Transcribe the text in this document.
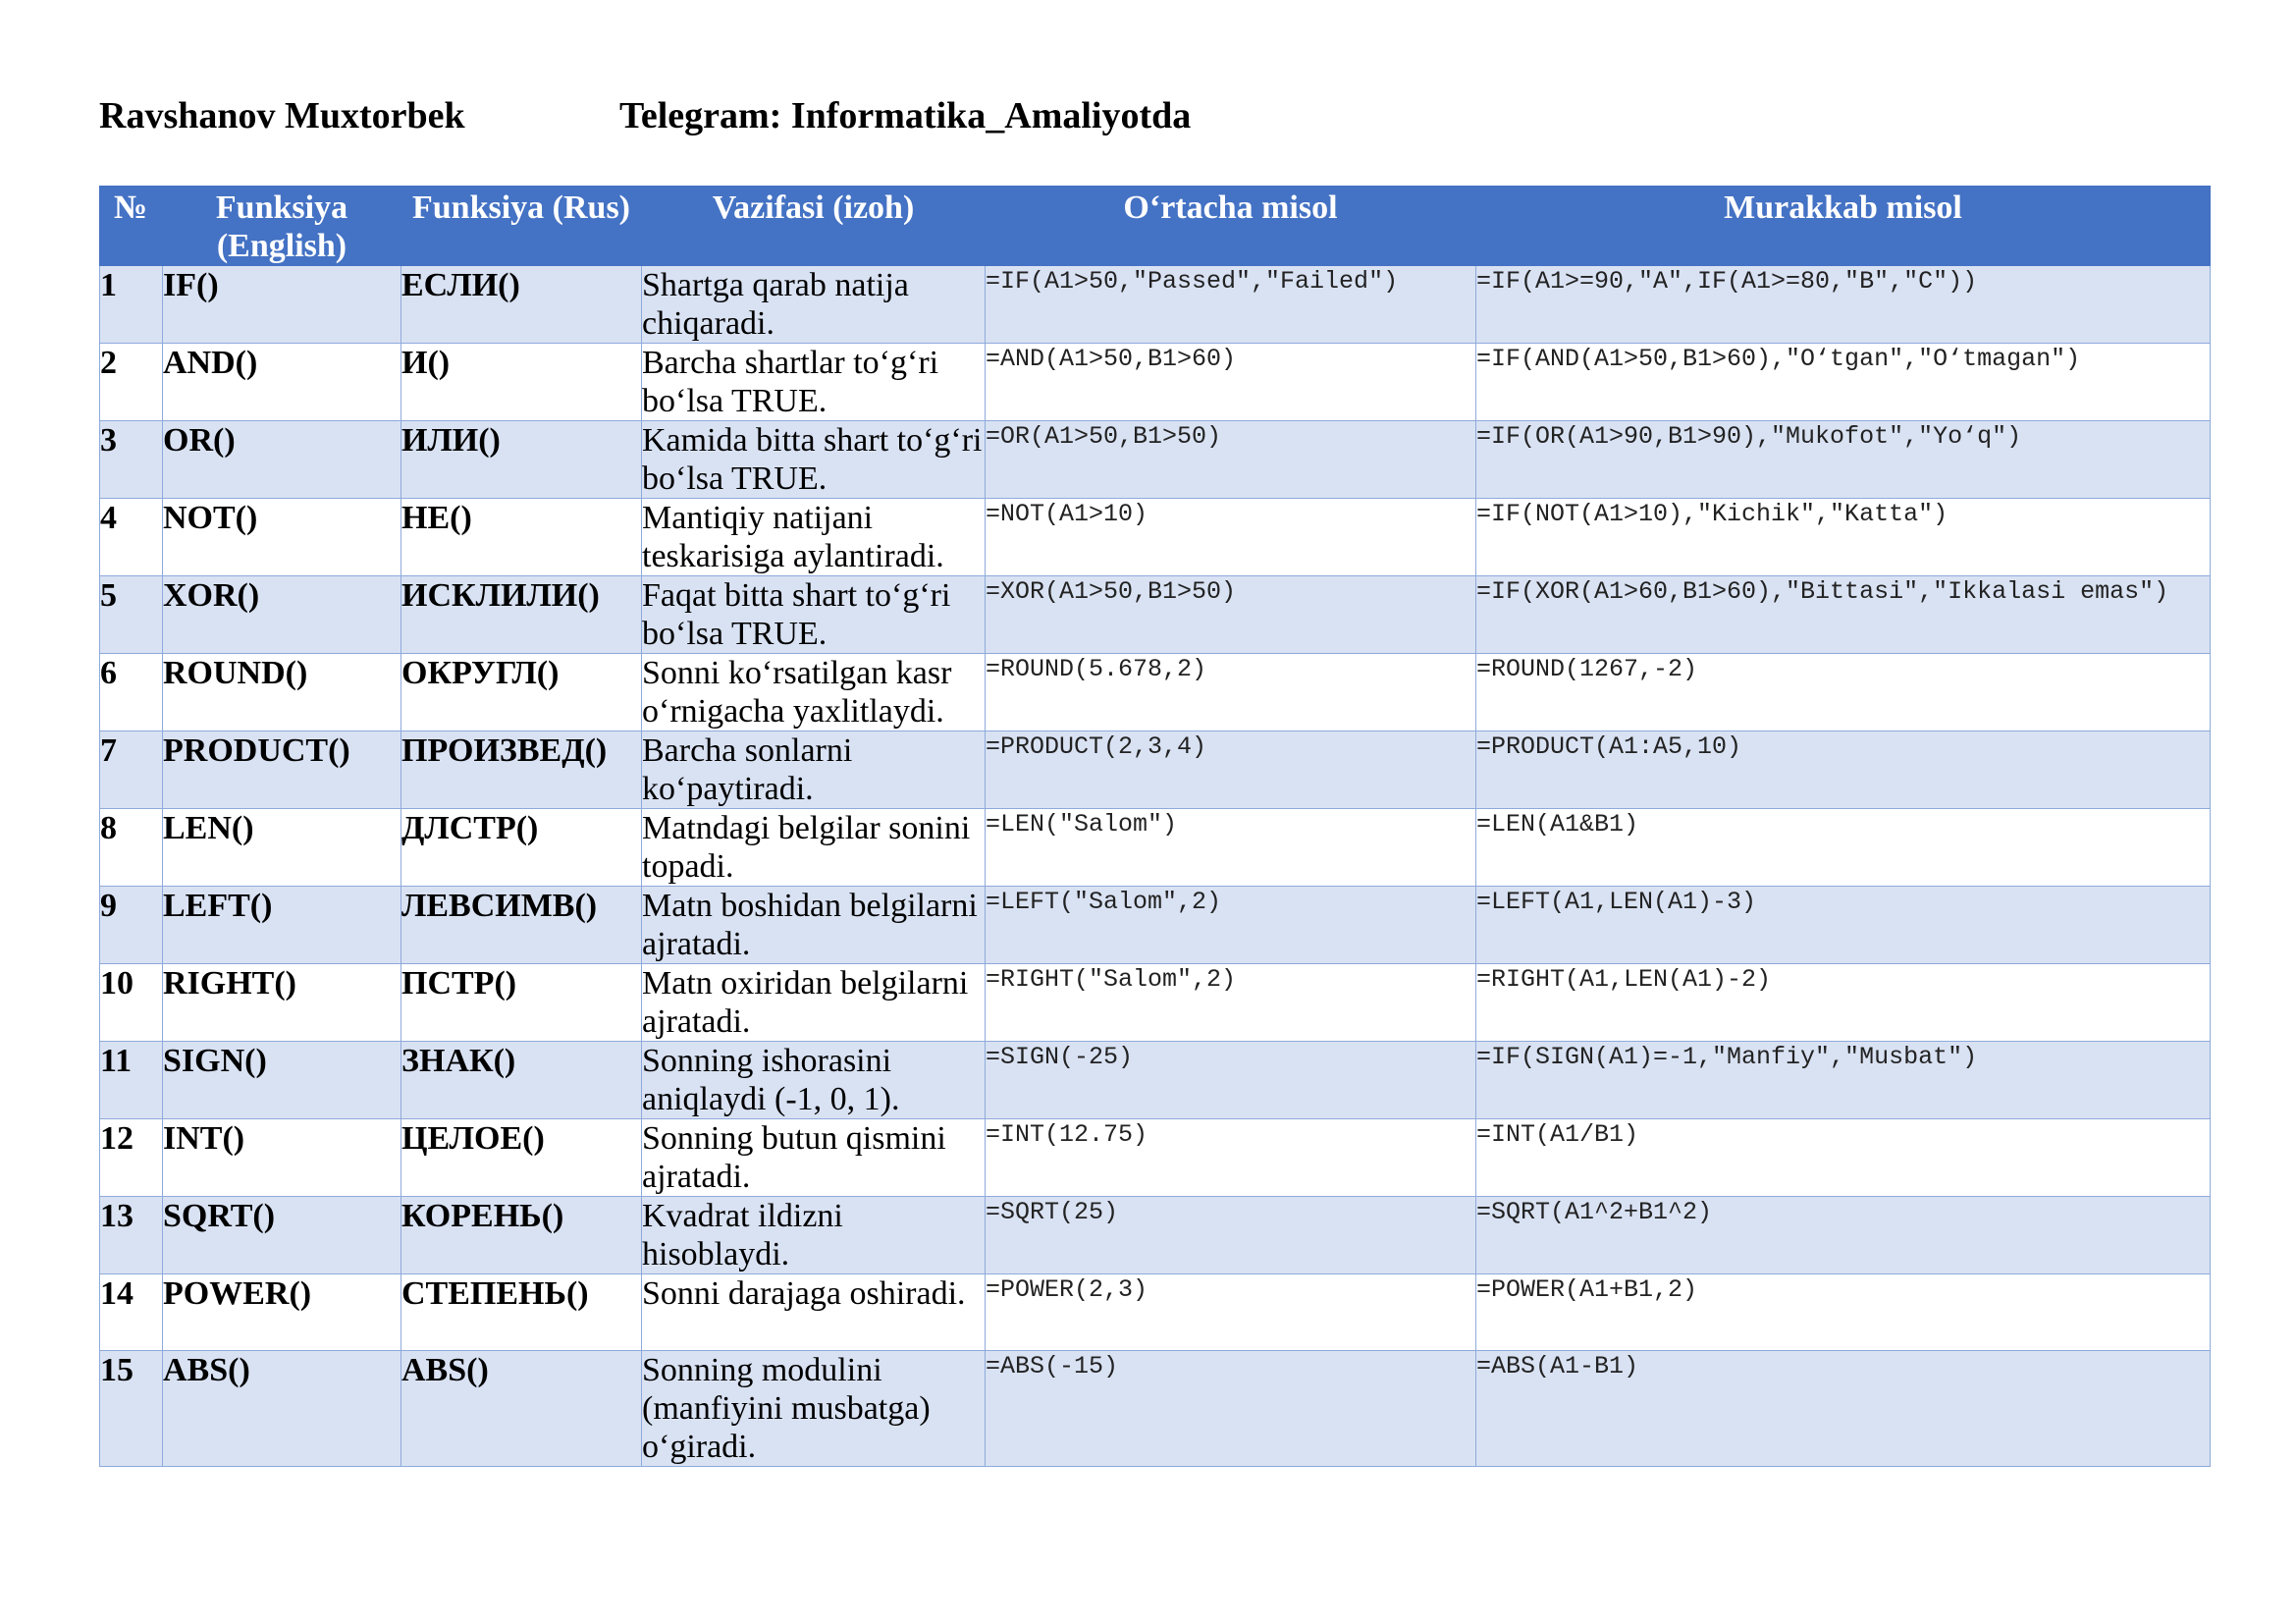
Ravshanov Muxtorbek	Telegram: Informatika_Amaliyotda
№	Funksiya (English)	Funksiya (Rus)	Vazifasi (izoh)	O‘rtacha misol	Murakkab misol
1	IF()	ЕСЛИ()	Shartga qarab natija chiqaradi.	=IF(A1>50,"Passed","Failed")	=IF(A1>=90,"A",IF(A1>=80,"B","C"))
2	AND()	И()	Barcha shartlar to‘g‘ri bo‘lsa TRUE.	=AND(A1>50,B1>60)	=IF(AND(A1>50,B1>60),"O‘tgan","O‘tmagan")
3	OR()	ИЛИ()	Kamida bitta shart to‘g‘ri bo‘lsa TRUE.	=OR(A1>50,B1>50)	=IF(OR(A1>90,B1>90),"Mukofot","Yo‘q")
4	NOT()	НЕ()	Mantiqiy natijani teskarisiga aylantiradi.	=NOT(A1>10)	=IF(NOT(A1>10),"Kichik","Katta")
5	XOR()	ИСКЛИЛИ()	Faqat bitta shart to‘g‘ri bo‘lsa TRUE.	=XOR(A1>50,B1>50)	=IF(XOR(A1>60,B1>60),"Bittasi","Ikkalasi emas")
6	ROUND()	ОКРУГЛ()	Sonni ko‘rsatilgan kasr o‘rnigacha yaxlitlaydi.	=ROUND(5.678,2)	=ROUND(1267,-2)
7	PRODUCT()	ПРОИЗВЕД()	Barcha sonlarni ko‘paytiradi.	=PRODUCT(2,3,4)	=PRODUCT(A1:A5,10)
8	LEN()	ДЛСТР()	Matndagi belgilar sonini topadi.	=LEN("Salom")	=LEN(A1&B1)
9	LEFT()	ЛЕВСИМВ()	Matn boshidan belgilarni ajratadi.	=LEFT("Salom",2)	=LEFT(A1,LEN(A1)-3)
10	RIGHT()	ПСТР()	Matn oxiridan belgilarni ajratadi.	=RIGHT("Salom",2)	=RIGHT(A1,LEN(A1)-2)
11	SIGN()	ЗНАК()	Sonning ishorasini aniqlaydi (-1, 0, 1).	=SIGN(-25)	=IF(SIGN(A1)=-1,"Manfiy","Musbat")
12	INT()	ЦЕЛОЕ()	Sonning butun qismini ajratadi.	=INT(12.75)	=INT(A1/B1)
13	SQRT()	КОРЕНЬ()	Kvadrat ildizni hisoblaydi.	=SQRT(25)	=SQRT(A1^2+B1^2)
14	POWER()	СТЕПЕНЬ()	Sonni darajaga oshiradi.	=POWER(2,3)	=POWER(A1+B1,2)
15	ABS()	ABS()	Sonning modulini (manfiyini musbatga) o‘giradi.	=ABS(-15)	=ABS(A1-B1)
